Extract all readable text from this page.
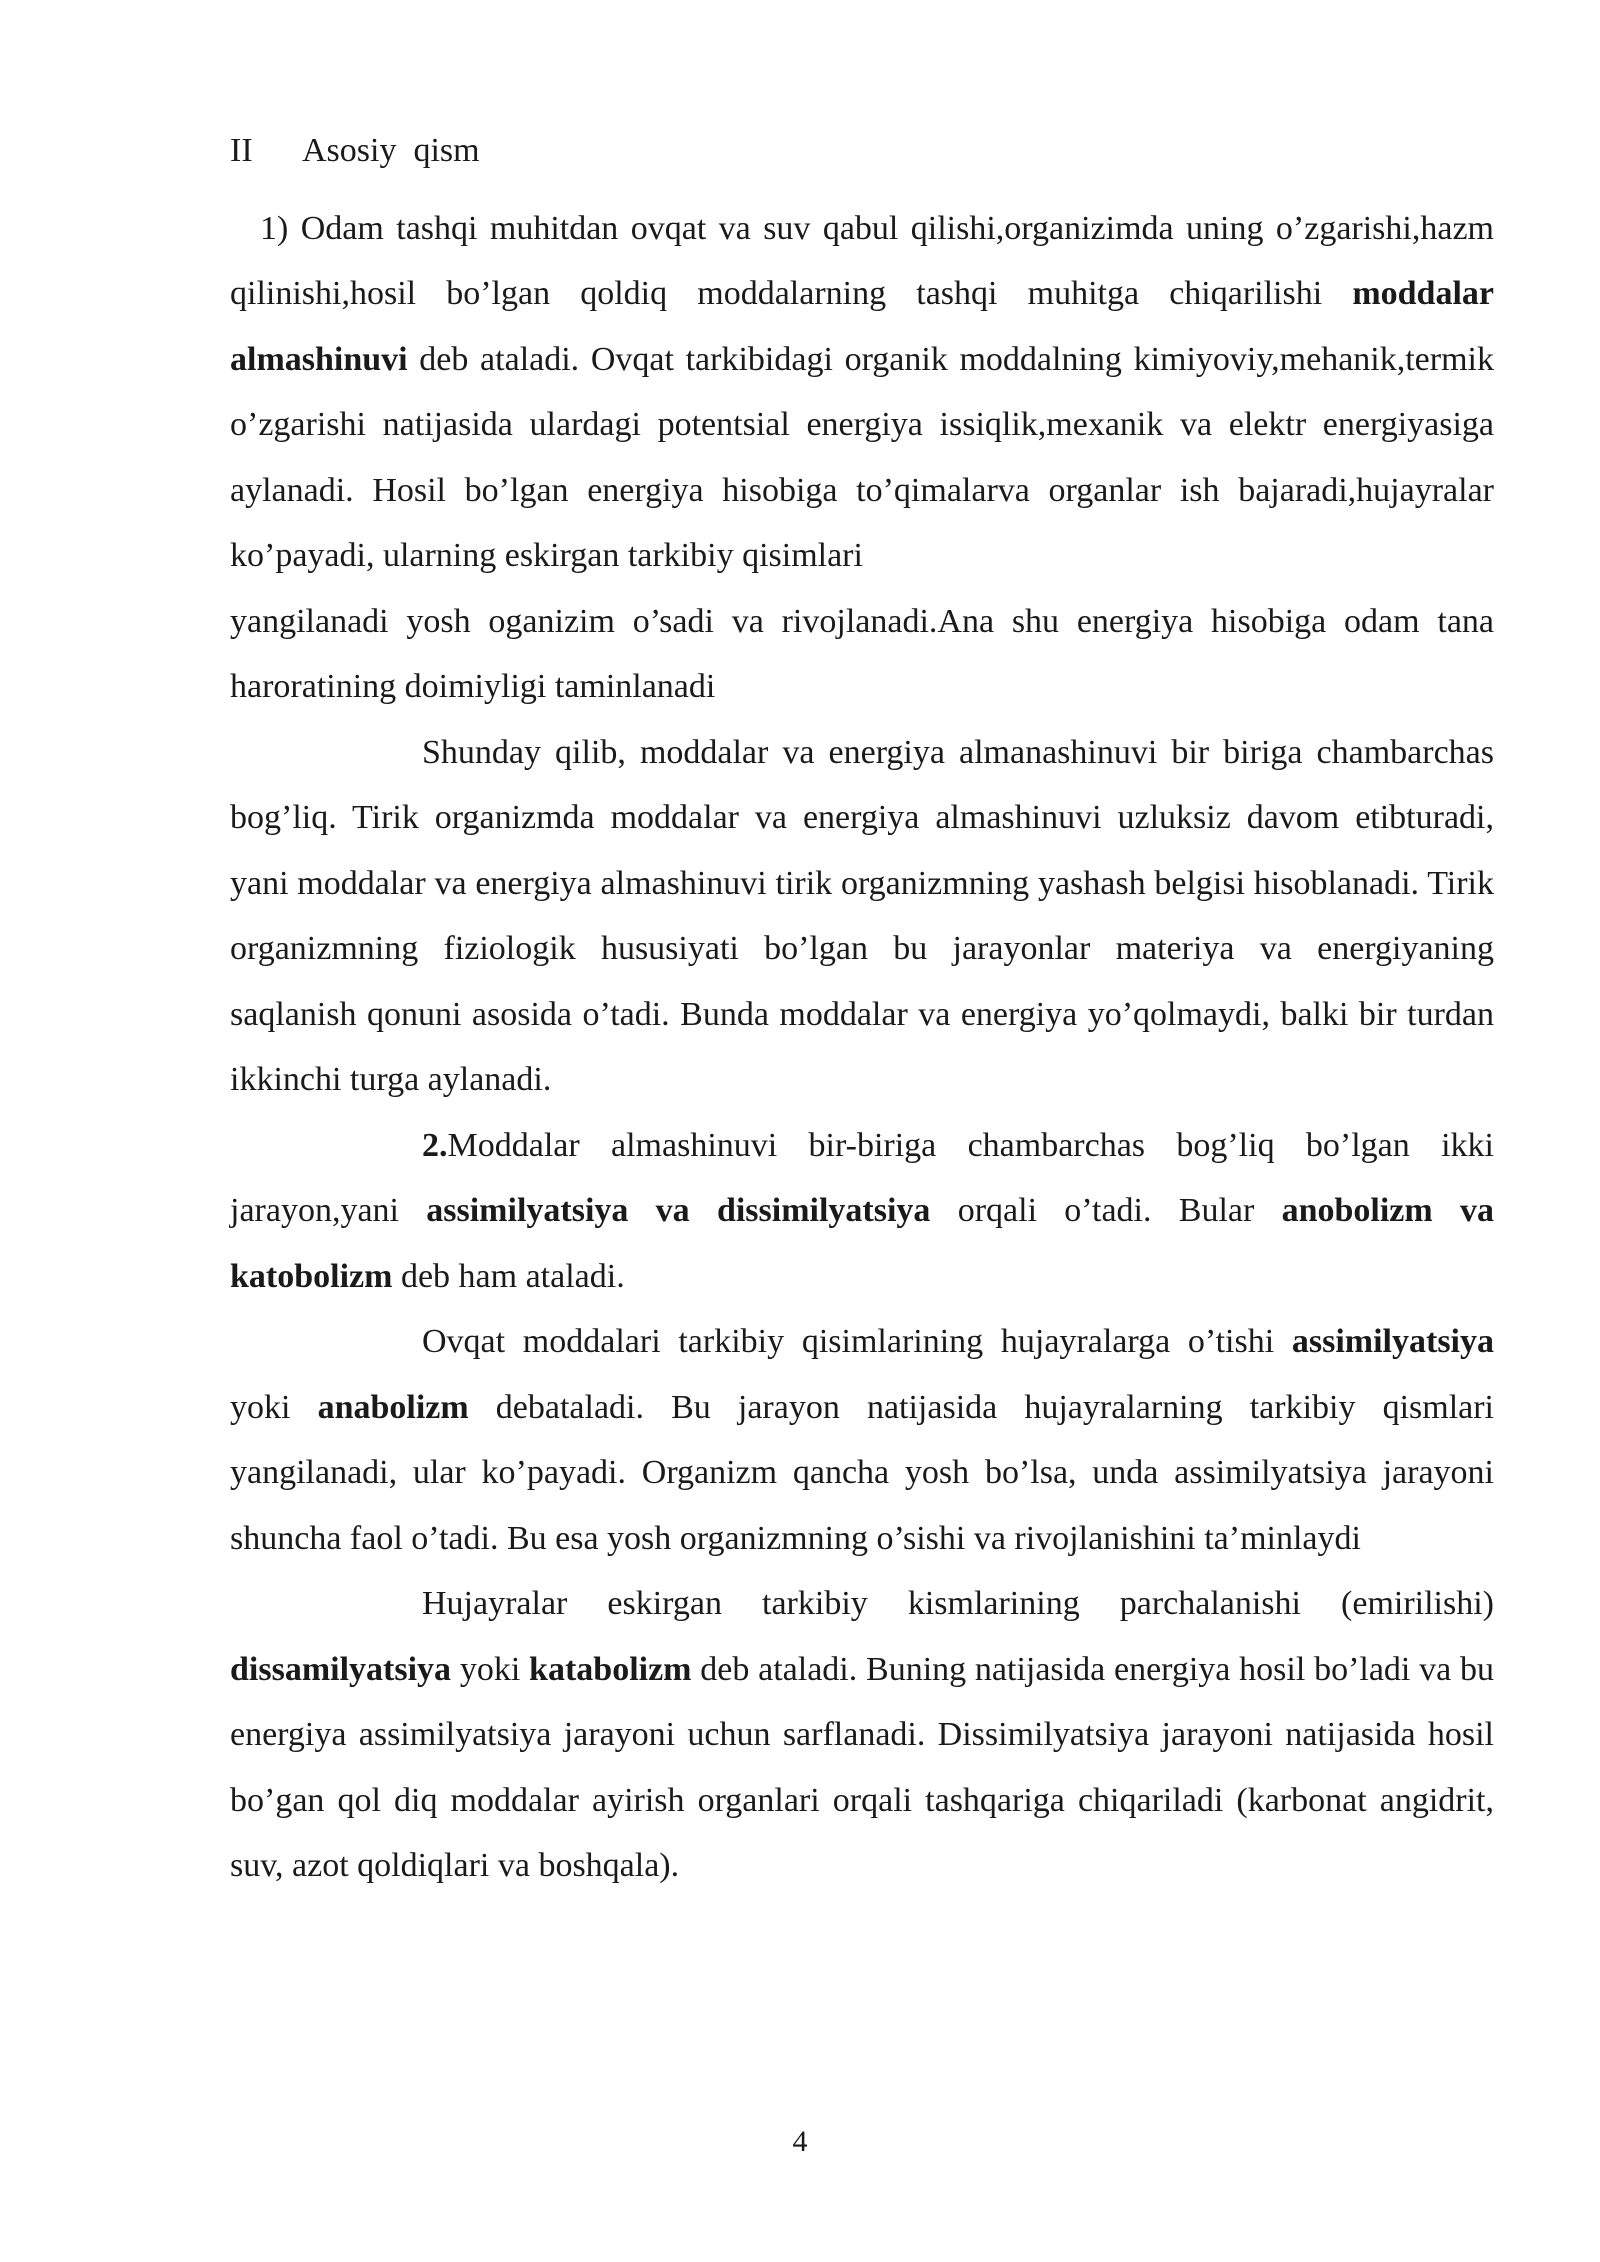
II Asosiy  qism

1) Odam tashqi muhitdan ovqat va suv qabul qilishi,organizimda uning o’zgarishi,hazm qilinishi,hosil bo’lgan qoldiq moddalarning tashqi muhitga chiqarilishi moddalar almashinuvi deb ataladi. Ovqat tarkibidagi organik moddalning kimiyoviy,mehanik,termik o’zgarishi natijasida ulardagi potentsial energiya issiqlik,mexanik va elektr energiyasiga aylanadi. Hosil bo’lgan energiya hisobiga to’qimalarva organlar ish bajaradi,hujayralar ko’payadi, ularning eskirgan tarkibiy qisimlari

yangilanadi yosh oganizim o’sadi va rivojlanadi.Ana shu energiya hisobiga odam tana haroratining doimiyligi taminlanadi

Shunday qilib, moddalar va energiya almanashinuvi bir biriga chambarchas bog’liq. Tirik organizmda moddalar va energiya almashinuvi uzluksiz davom etibturadi, yani moddalar va energiya almashinuvi tirik organizmning yashash belgisi hisoblanadi. Tirik organizmning fiziologik hususiyati bo’lgan bu jarayonlar materiya va energiyaning saqlanish qonuni asosida o’tadi. Bunda moddalar va energiya yo’qolmaydi, balki bir turdan ikkinchi turga aylanadi.

2.Moddalar almashinuvi bir-biriga chambarchas bog’liq bo’lgan ikki jarayon,yani assimilyatsiya va dissimilyatsiya orqali o’tadi. Bular anobolizm va katobolizm deb ham ataladi.

Ovqat moddalari tarkibiy qisimlarining hujayralarga o’tishi assimilyatsiya yoki anabolizm debataladi. Bu jarayon natijasida hujayralarning tarkibiy qismlari yangilanadi, ular ko’payadi. Organizm qancha yosh bo’lsa, unda assimilyatsiya jarayoni shuncha faol o’tadi. Bu esa yosh organizmning o’sishi va rivojlanishini ta’minlaydi

Hujayralar eskirgan tarkibiy kismlarining parchalanishi (emirilishi) dissamilyatsiya yoki katabolizm deb ataladi. Buning natijasida energiya hosil bo’ladi va bu energiya assimilyatsiya jarayoni uchun sarflanadi. Dissimilyatsiya jarayoni natijasida hosil bo’gan qol diq moddalar ayirish organlari orqali tashqariga chiqariladi (karbonat angidrit, suv, azot qoldiqlari va boshqala).

4
